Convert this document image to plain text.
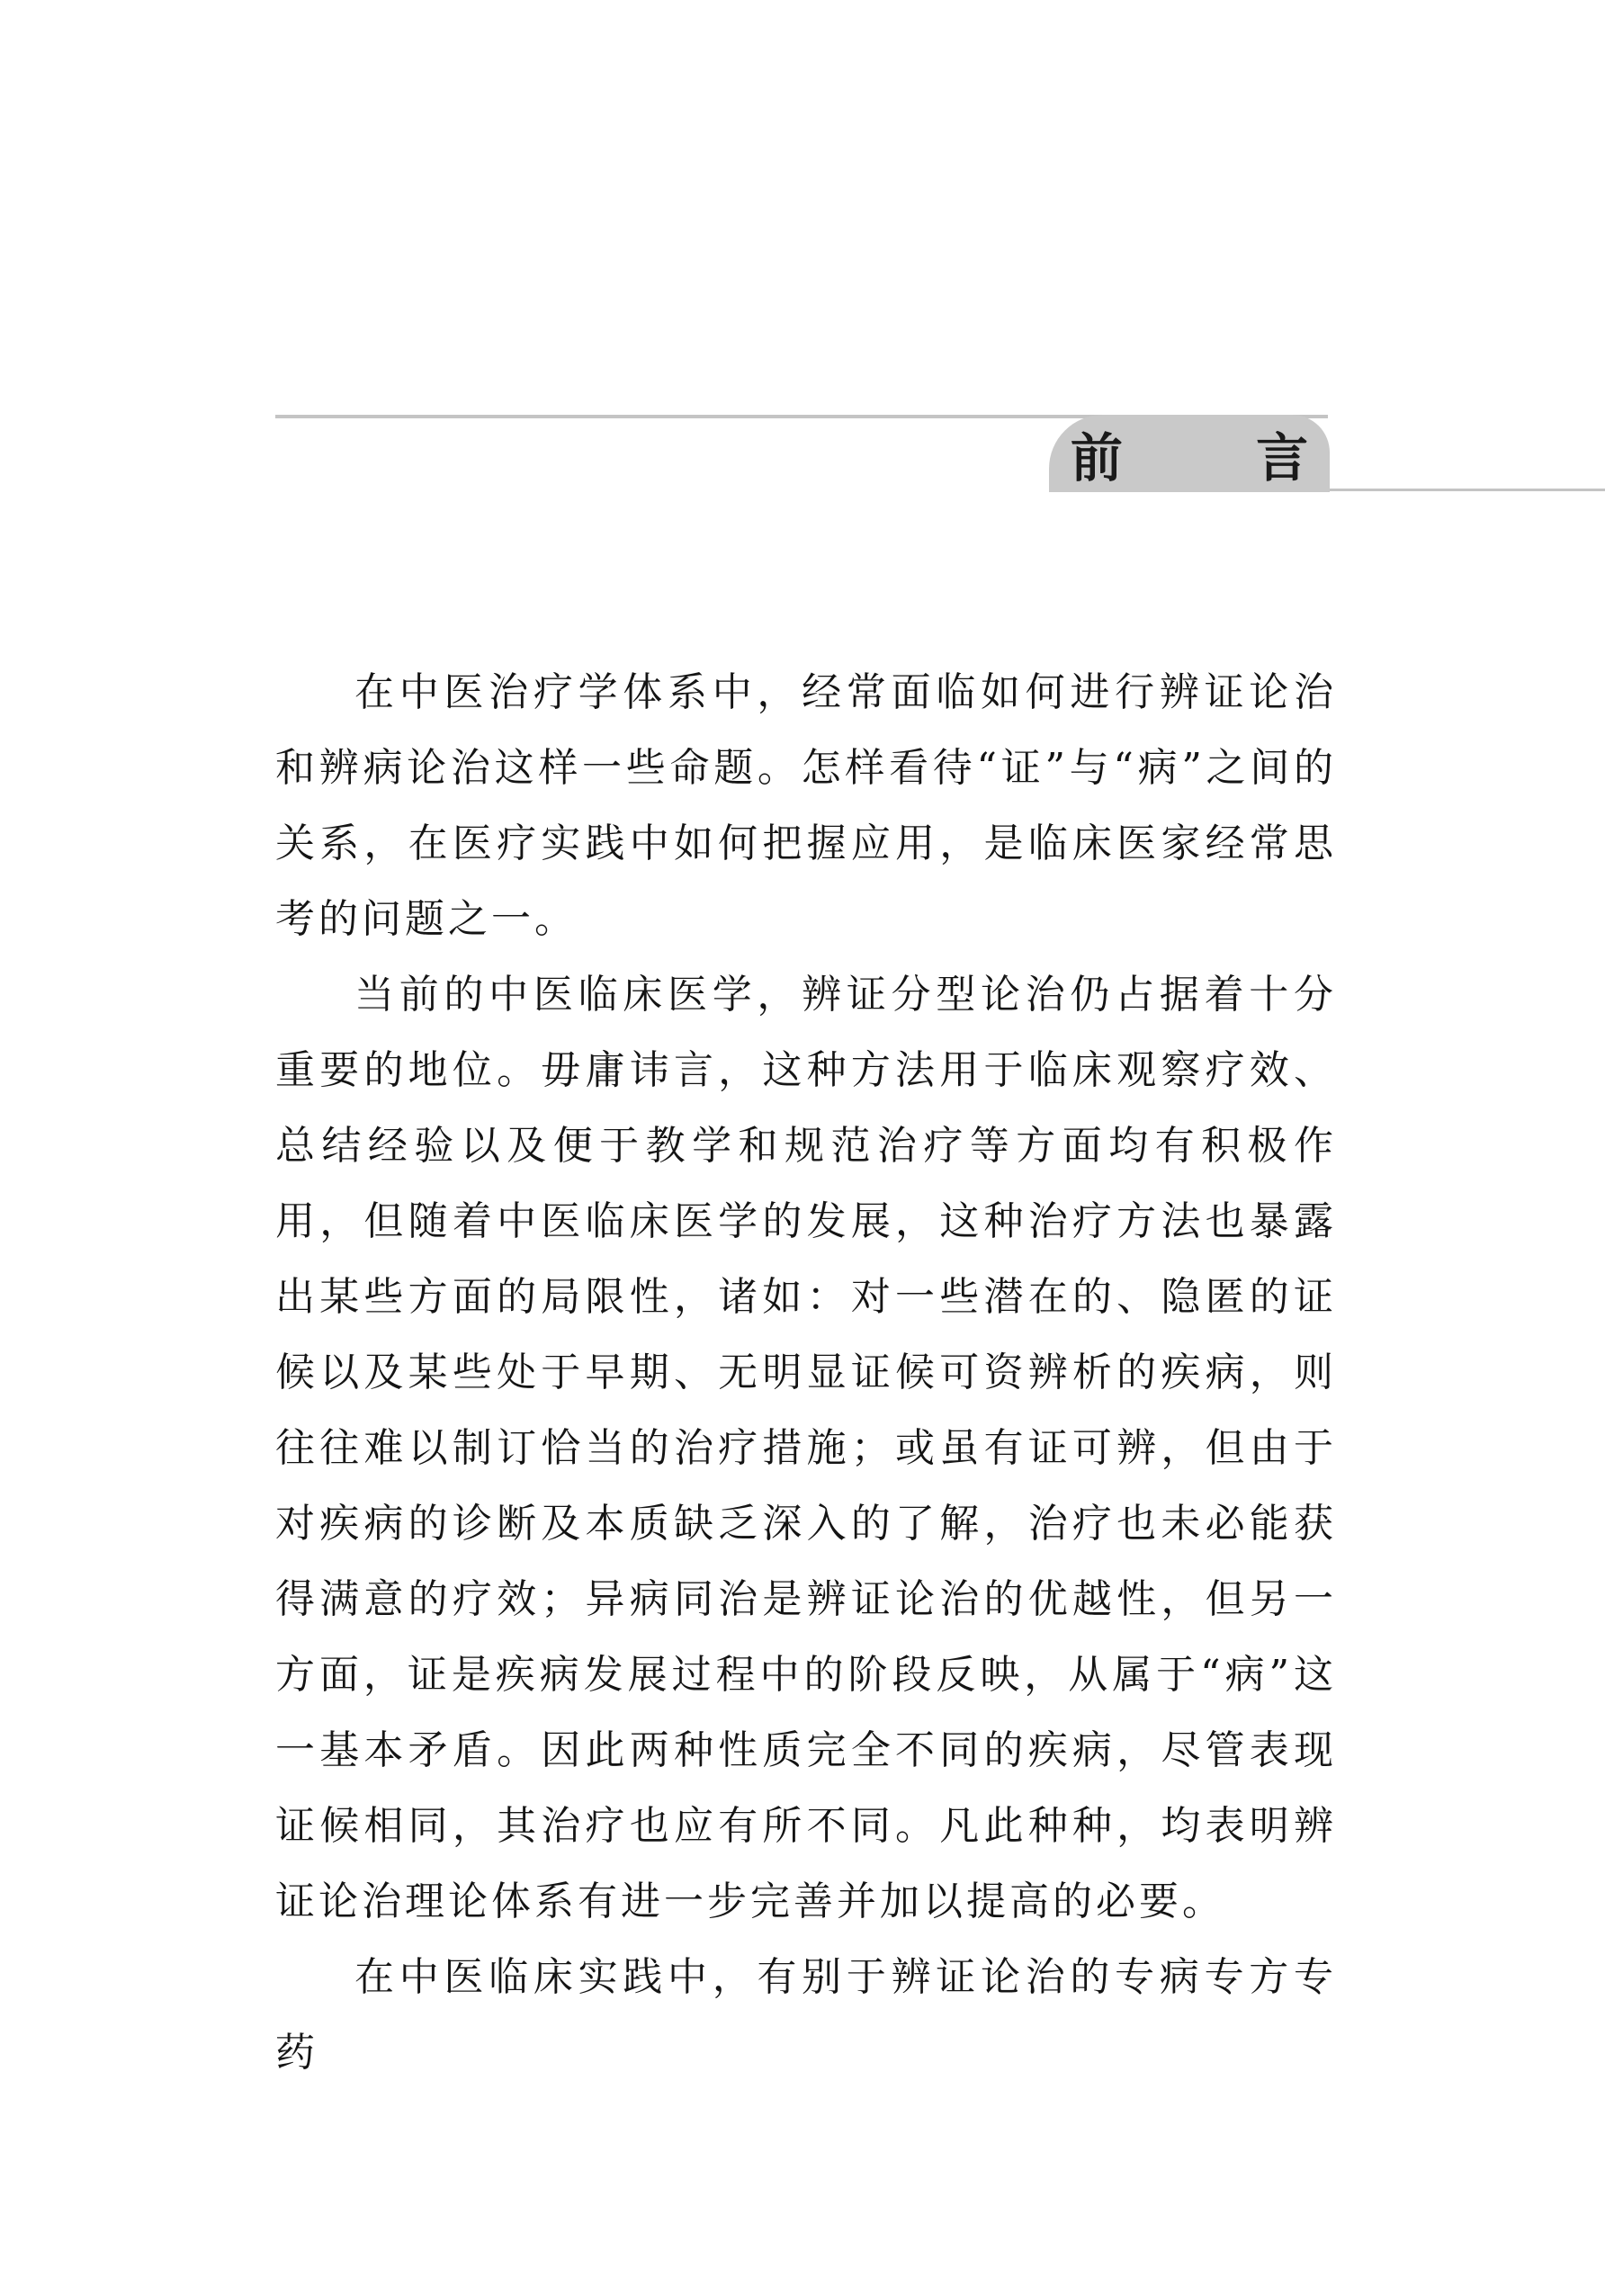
前 言

在中医治疗学体系中，经常面临如何进行辨证论治和辨病论治这样一些命题。怎样看待“证”与“病”之间的关系，在医疗实践中如何把握应用，是临床医家经常思考的问题之一。

当前的中医临床医学，辨证分型论治仍占据着十分重要的地位。毋庸讳言，这种方法用于临床观察疗效、总结经验以及便于教学和规范治疗等方面均有积极作用，但随着中医临床医学的发展，这种治疗方法也暴露出某些方面的局限性，诸如：对一些潜在的、隐匿的证候以及某些处于早期、无明显证候可资辨析的疾病，则往往难以制订恰当的治疗措施；或虽有证可辨，但由于对疾病的诊断及本质缺乏深入的了解，治疗也未必能获得满意的疗效；异病同治是辨证论治的优越性，但另一方面，证是疾病发展过程中的阶段反映，从属于“病”这一基本矛盾。因此两种性质完全不同的疾病，尽管表现证候相同，其治疗也应有所不同。凡此种种，均表明辨证论治理论体系有进一步完善并加以提高的必要。

在中医临床实践中，有别于辨证论治的专病专方专药
